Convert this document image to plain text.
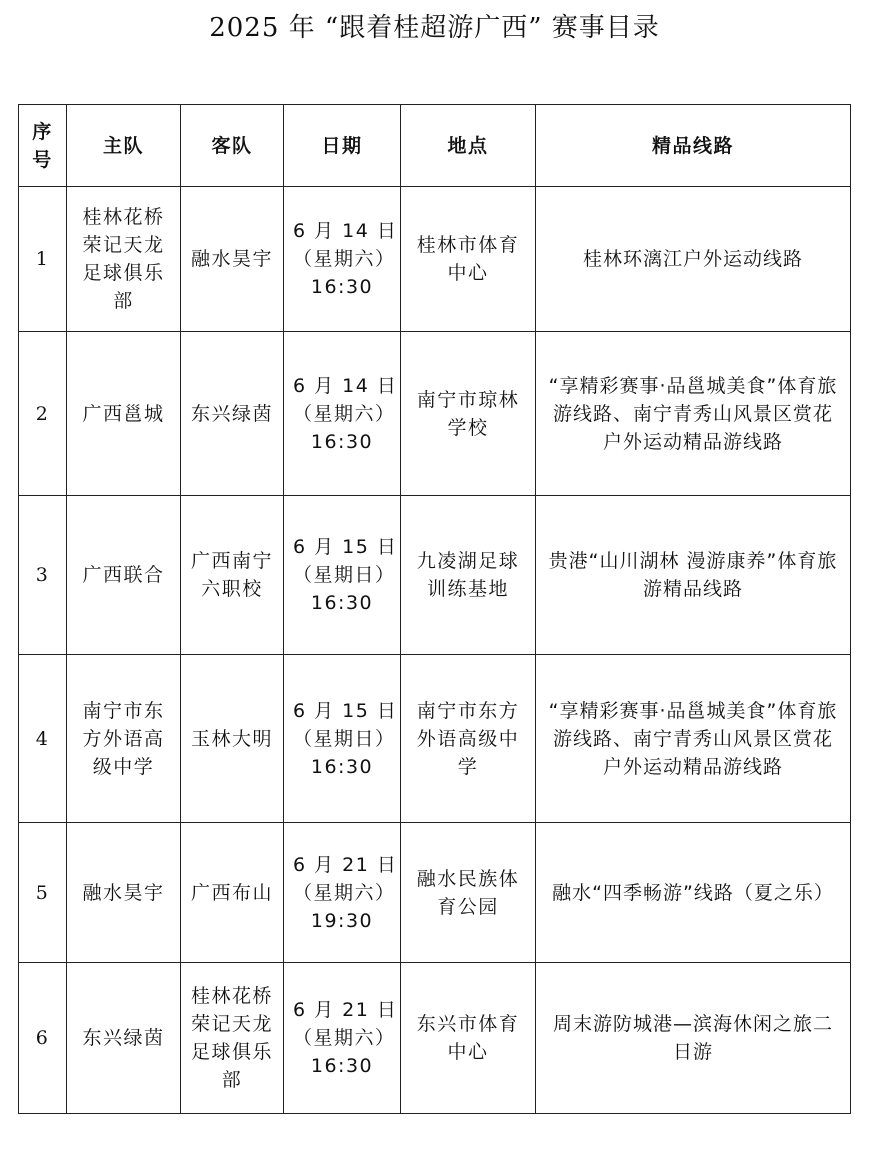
2025 年 “跟着桂超游广西” 赛事目录
序号	主队	客队	日期	地点	精品线路
1	桂林花桥荣记天龙足球俱乐部	融水昊宇	6 月 14 日
（星期六）
16:30	桂林市体育中心	桂林环漓江户外运动线路
2	广西邕城	东兴绿茵	6 月 14 日
（星期六）
16:30	南宁市琼林学校	“享精彩赛事·品邕城美食”体育旅游线路、南宁青秀山风景区赏花户外运动精品游线路
3	广西联合	广西南宁六职校	6 月 15 日
（星期日）
16:30	九凌湖足球训练基地	贵港“山川湖林 漫游康养”体育旅游精品线路
4	南宁市东方外语高级中学	玉林大明	6 月 15 日
（星期日）
16:30	南宁市东方外语高级中学	“享精彩赛事·品邕城美食”体育旅游线路、南宁青秀山风景区赏花户外运动精品游线路
5	融水昊宇	广西布山	6 月 21 日
（星期六）
19:30	融水民族体育公园	融水“四季畅游”线路（夏之乐）
6	东兴绿茵	桂林花桥荣记天龙足球俱乐部	6 月 21 日
（星期六）
16:30	东兴市体育中心	周末游防城港—滨海休闲之旅二日游
